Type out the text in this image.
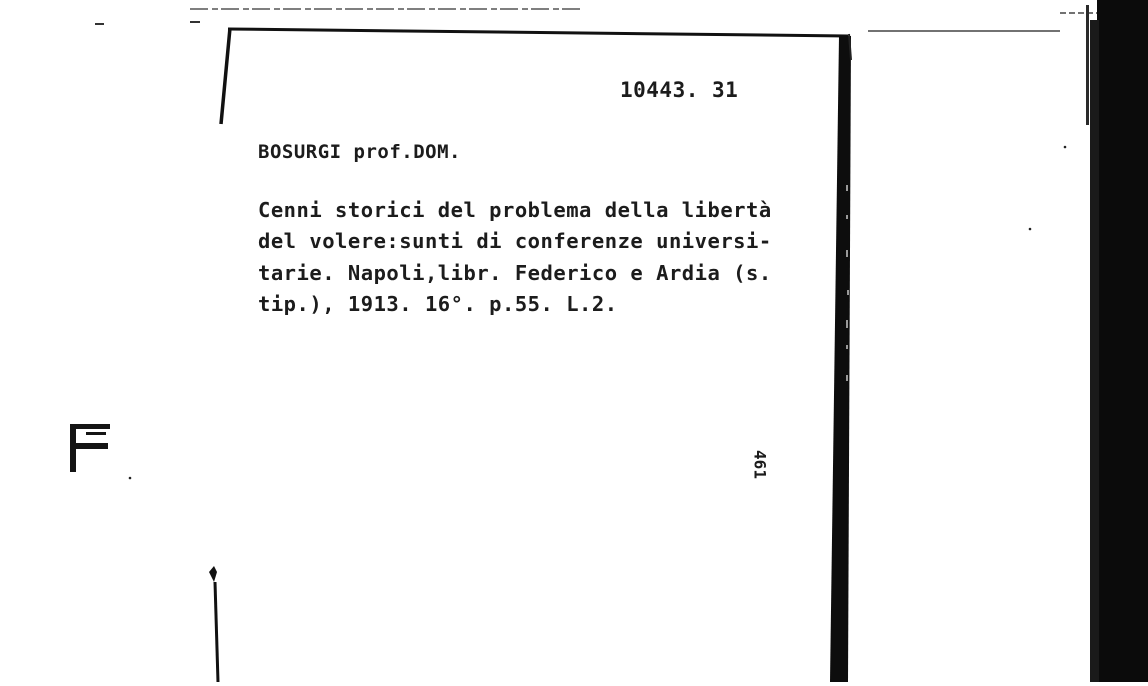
10443. 31
BOSURGI prof.DOM.
Cenni storici del problema della libertà
del volere:sunti di conferenze universi-
tarie. Napoli,libr. Federico e Ardia (s.
tip.), 1913. 16°. p.55. L.2.
461
